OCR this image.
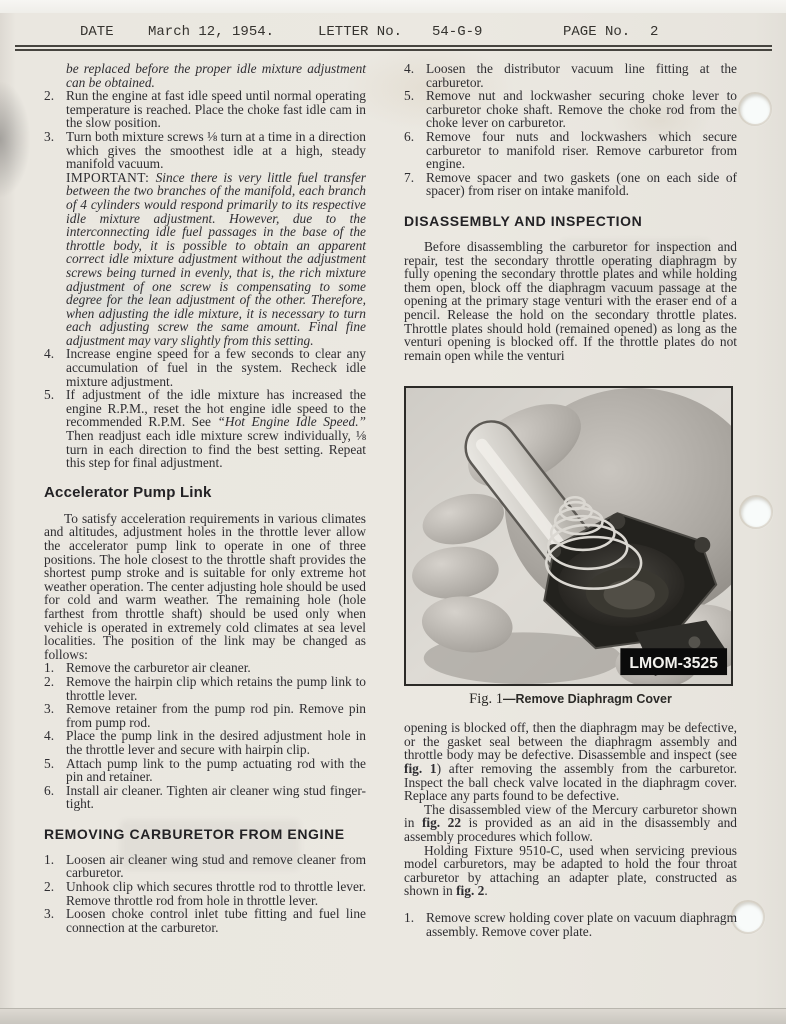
DATE March 12, 1954.	LETTER No. 54-G-9	PAGE No. 2
be replaced before the proper idle mixture adjustment can be obtained.
2. Run the engine at fast idle speed until normal operating temperature is reached. Place the choke fast idle cam in the slow position.
3. Turn both mixture screws ⅛ turn at a time in a direction which gives the smoothest idle at a high, steady manifold vacuum.
IMPORTANT: Since there is very little fuel transfer between the two branches of the manifold, each branch of 4 cylinders would respond primarily to its respective idle mixture adjustment. However, due to the interconnecting idle fuel passages in the base of the throttle body, it is possible to obtain an apparent correct idle mixture adjustment without the adjustment screws being turned in evenly, that is, the rich mixture adjustment of one screw is compensating to some degree for the lean adjustment of the other. Therefore, when adjusting the idle mixture, it is necessary to turn each adjusting screw the same amount. Final fine adjustment may vary slightly from this setting.
4. Increase engine speed for a few seconds to clear any accumulation of fuel in the system. Recheck idle mixture adjustment.
5. If adjustment of the idle mixture has increased the engine R.P.M., reset the hot engine idle speed to the recommended R.P.M. See “Hot Engine Idle Speed.” Then readjust each idle mixture screw individually, ⅛ turn in each direction to find the best setting. Repeat this step for final adjustment.
Accelerator Pump Link

To satisfy acceleration requirements in various climates and altitudes, adjustment holes in the throttle lever allow the accelerator pump link to operate in one of three positions. The hole closest to the throttle shaft provides the shortest pump stroke and is suitable for only extreme hot weather operation. The center adjusting hole should be used for cold and warm weather. The remaining hole (hole farthest from throttle shaft) should be used only when vehicle is operated in extremely cold climates at sea level localities. The position of the link may be changed as follows:

1. Remove the carburetor air cleaner.
2. Remove the hairpin clip which retains the pump link to throttle lever.
3. Remove retainer from the pump rod pin. Remove pin from pump rod.
4. Place the pump link in the desired adjustment hole in the throttle lever and secure with hairpin clip.
5. Attach pump link to the pump actuating rod with the pin and retainer.
6. Install air cleaner. Tighten air cleaner wing stud finger-tight.
REMOVING CARBURETOR FROM ENGINE
1. Loosen air cleaner wing stud and remove cleaner from carburetor.
2. Unhook clip which secures throttle rod to throttle lever. Remove throttle rod from hole in throttle lever.
3. Loosen choke control inlet tube fitting and fuel line connection at the carburetor.
4. Loosen the distributor vacuum line fitting at the carburetor.
5. Remove nut and lockwasher securing choke lever to carburetor choke shaft. Remove the choke rod from the choke lever on carburetor.
6. Remove four nuts and lockwashers which secure carburetor to manifold riser. Remove carburetor from engine.
7. Remove spacer and two gaskets (one on each side of spacer) from riser on intake manifold.
DISASSEMBLY AND INSPECTION

Before disassembling the carburetor for inspection and repair, test the secondary throttle operating diaphragm by fully opening the secondary throttle plates and while holding them open, block off the diaphragm vacuum passage at the opening at the primary stage venturi with the eraser end of a pencil. Release the hold on the secondary throttle plates. Throttle plates should hold (remained opened) as long as the venturi opening is blocked off. If the throttle plates do not remain open while the venturi

LMOM-3525
Fig. 1—Remove Diaphragm Cover

opening is blocked off, then the diaphragm may be defective, or the gasket seal between the diaphragm assembly and throttle body may be defective. Disassemble and inspect (see fig. 1) after removing the assembly from the carburetor. Inspect the ball check valve located in the diaphragm cover. Replace any parts found to be defective.

The disassembled view of the Mercury carburetor shown in fig. 22 is provided as an aid in the disassembly and assembly procedures which follow.

Holding Fixture 9510-C, used when servicing previous model carburetors, may be adapted to hold the four throat carburetor by attaching an adapter plate, constructed as shown in fig. 2.

1. Remove screw holding cover plate on vacuum diaphragm assembly. Remove cover plate.
